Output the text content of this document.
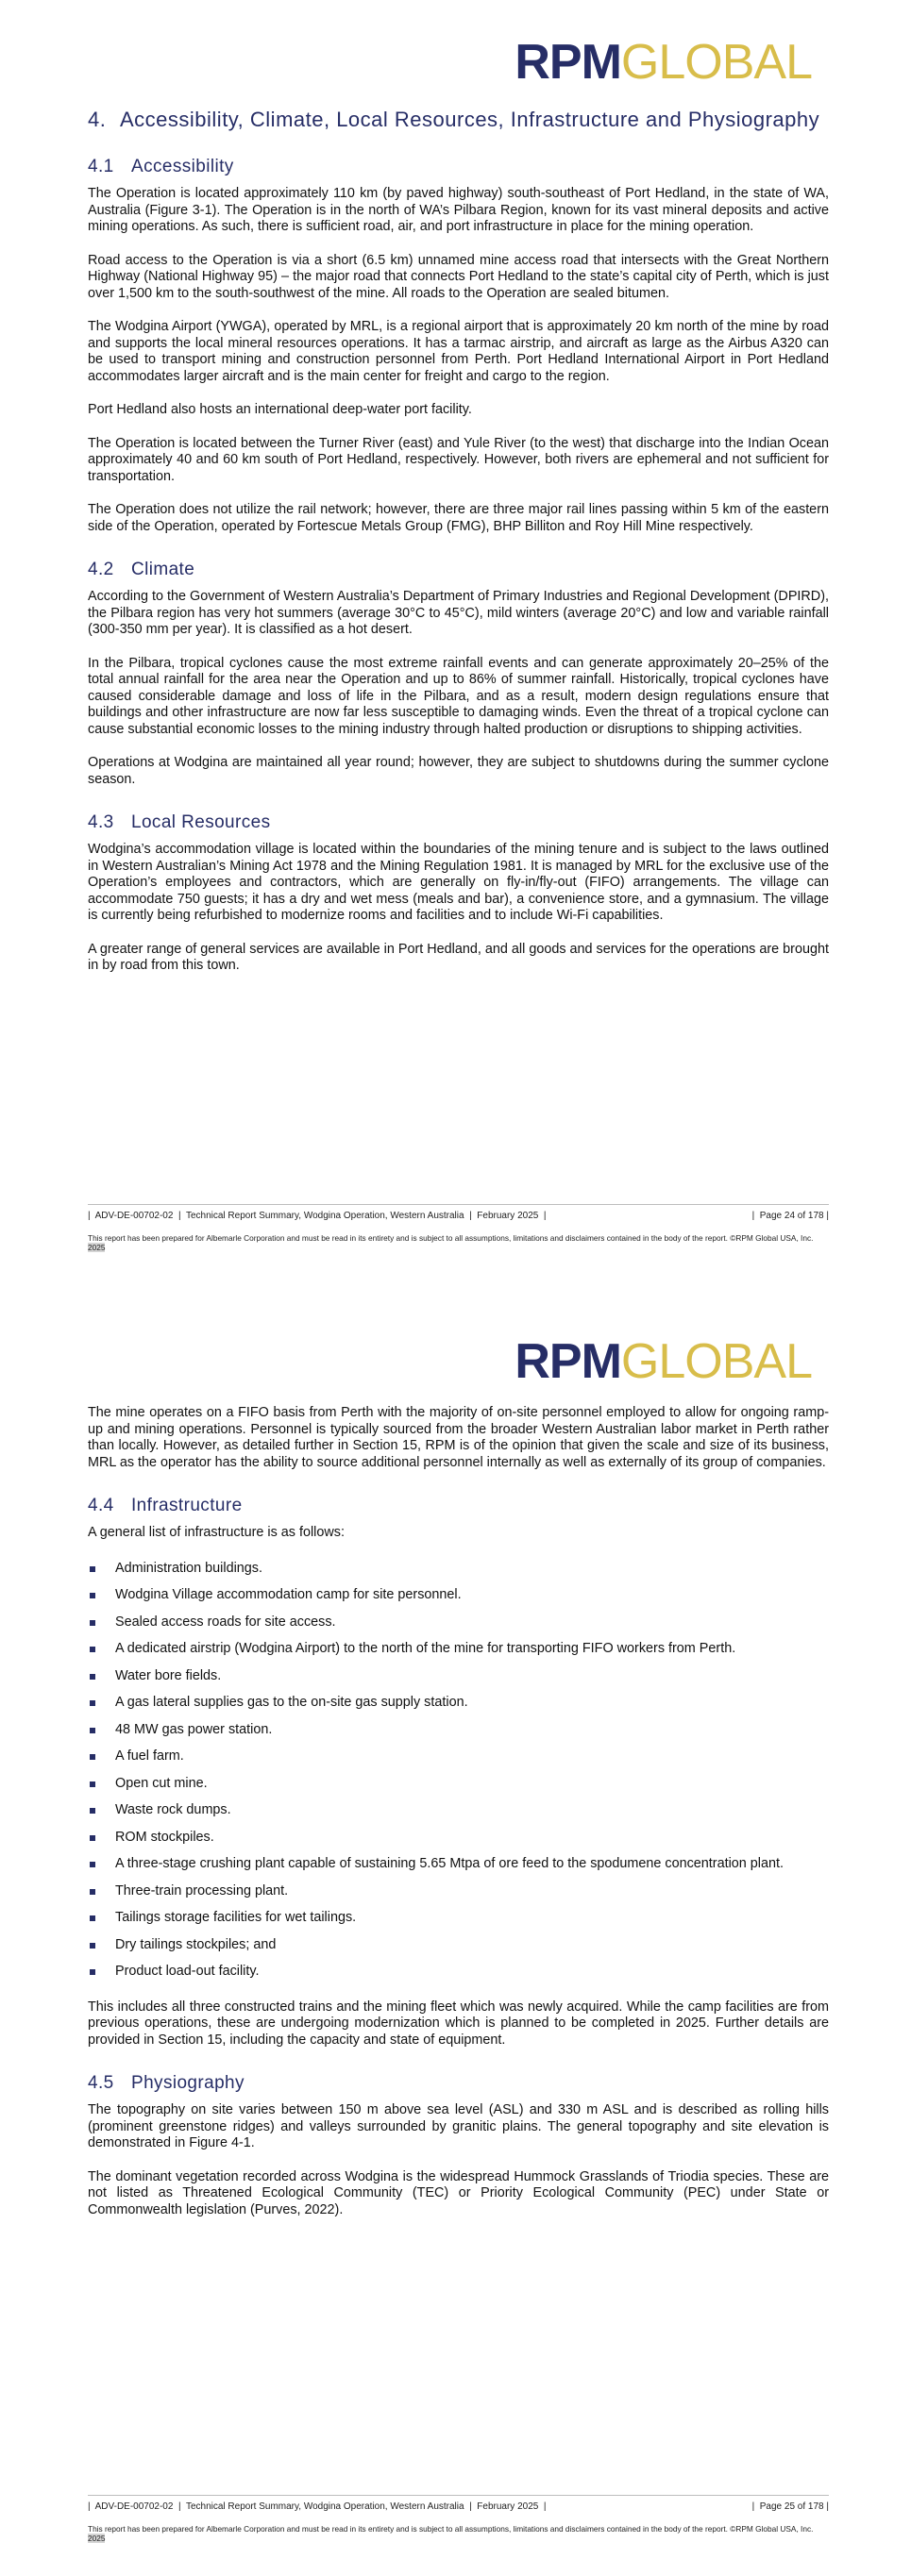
RPMGLOBAL
4. Accessibility, Climate, Local Resources, Infrastructure and Physiography
4.1 Accessibility

The Operation is located approximately 110 km (by paved highway) south-southeast of Port Hedland, in the state of WA, Australia (Figure 3-1). The Operation is in the north of WA’s Pilbara Region, known for its vast mineral deposits and active mining operations. As such, there is sufficient road, air, and port infrastructure in place for the mining operation.

Road access to the Operation is via a short (6.5 km) unnamed mine access road that intersects with the Great Northern Highway (National Highway 95) – the major road that connects Port Hedland to the state’s capital city of Perth, which is just over 1,500 km to the south-southwest of the mine. All roads to the Operation are sealed bitumen.

The Wodgina Airport (YWGA), operated by MRL, is a regional airport that is approximately 20 km north of the mine by road and supports the local mineral resources operations. It has a tarmac airstrip, and aircraft as large as the Airbus A320 can be used to transport mining and construction personnel from Perth. Port Hedland International Airport in Port Hedland accommodates larger aircraft and is the main center for freight and cargo to the region.

Port Hedland also hosts an international deep-water port facility.

The Operation is located between the Turner River (east) and Yule River (to the west) that discharge into the Indian Ocean approximately 40 and 60 km south of Port Hedland, respectively. However, both rivers are ephemeral and not sufficient for transportation.

The Operation does not utilize the rail network; however, there are three major rail lines passing within 5 km of the eastern side of the Operation, operated by Fortescue Metals Group (FMG), BHP Billiton and Roy Hill Mine respectively.

4.2 Climate

According to the Government of Western Australia’s Department of Primary Industries and Regional Development (DPIRD), the Pilbara region has very hot summers (average 30°C to 45°C), mild winters (average 20°C) and low and variable rainfall (300-350 mm per year). It is classified as a hot desert.

In the Pilbara, tropical cyclones cause the most extreme rainfall events and can generate approximately 20–25% of the total annual rainfall for the area near the Operation and up to 86% of summer rainfall. Historically, tropical cyclones have caused considerable damage and loss of life in the Pilbara, and as a result, modern design regulations ensure that buildings and other infrastructure are now far less susceptible to damaging winds. Even the threat of a tropical cyclone can cause substantial economic losses to the mining industry through halted production or disruptions to shipping activities.

Operations at Wodgina are maintained all year round; however, they are subject to shutdowns during the summer cyclone season.

4.3 Local Resources

Wodgina’s accommodation village is located within the boundaries of the mining tenure and is subject to the laws outlined in Western Australian’s Mining Act 1978 and the Mining Regulation 1981. It is managed by MRL for the exclusive use of the Operation’s employees and contractors, which are generally on fly-in/fly-out (FIFO) arrangements. The village can accommodate 750 guests; it has a dry and wet mess (meals and bar), a convenience store, and a gymnasium. The village is currently being refurbished to modernize rooms and facilities and to include Wi-Fi capabilities.

A greater range of general services are available in Port Hedland, and all goods and services for the operations are brought in by road from this town.

|  ADV-DE-00702-02  |  Technical Report Summary, Wodgina Operation, Western Australia  |  February 2025  |	|  Page 24 of 178 |
This report has been prepared for Albemarle Corporation and must be read in its entirety and is subject to all assumptions, limitations and disclaimers contained in the body of the report. ©RPM Global USA, Inc. 2025
RPMGLOBAL

The mine operates on a FIFO basis from Perth with the majority of on-site personnel employed to allow for ongoing ramp-up and mining operations. Personnel is typically sourced from the broader Western Australian labor market in Perth rather than locally. However, as detailed further in Section 15, RPM is of the opinion that given the scale and size of its business, MRL as the operator has the ability to source additional personnel internally as well as externally of its group of companies.

4.4 Infrastructure

A general list of infrastructure is as follows:

Administration buildings.
Wodgina Village accommodation camp for site personnel.
Sealed access roads for site access.
A dedicated airstrip (Wodgina Airport) to the north of the mine for transporting FIFO workers from Perth.
Water bore fields.
A gas lateral supplies gas to the on-site gas supply station.
48 MW gas power station.
A fuel farm.
Open cut mine.
Waste rock dumps.
ROM stockpiles.
A three-stage crushing plant capable of sustaining 5.65 Mtpa of ore feed to the spodumene concentration plant.
Three-train processing plant.
Tailings storage facilities for wet tailings.
Dry tailings stockpiles; and
Product load-out facility.

This includes all three constructed trains and the mining fleet which was newly acquired. While the camp facilities are from previous operations, these are undergoing modernization which is planned to be completed in 2025. Further details are provided in Section 15, including the capacity and state of equipment.

4.5 Physiography

The topography on site varies between 150 m above sea level (ASL) and 330 m ASL and is described as rolling hills (prominent greenstone ridges) and valleys surrounded by granitic plains. The general topography and site elevation is demonstrated in Figure 4-1.

The dominant vegetation recorded across Wodgina is the widespread Hummock Grasslands of Triodia species. These are not listed as Threatened Ecological Community (TEC) or Priority Ecological Community (PEC) under State or Commonwealth legislation (Purves, 2022).

|  ADV-DE-00702-02  |  Technical Report Summary, Wodgina Operation, Western Australia  |  February 2025  |	|  Page 25 of 178 |
This report has been prepared for Albemarle Corporation and must be read in its entirety and is subject to all assumptions, limitations and disclaimers contained in the body of the report. ©RPM Global USA, Inc. 2025
